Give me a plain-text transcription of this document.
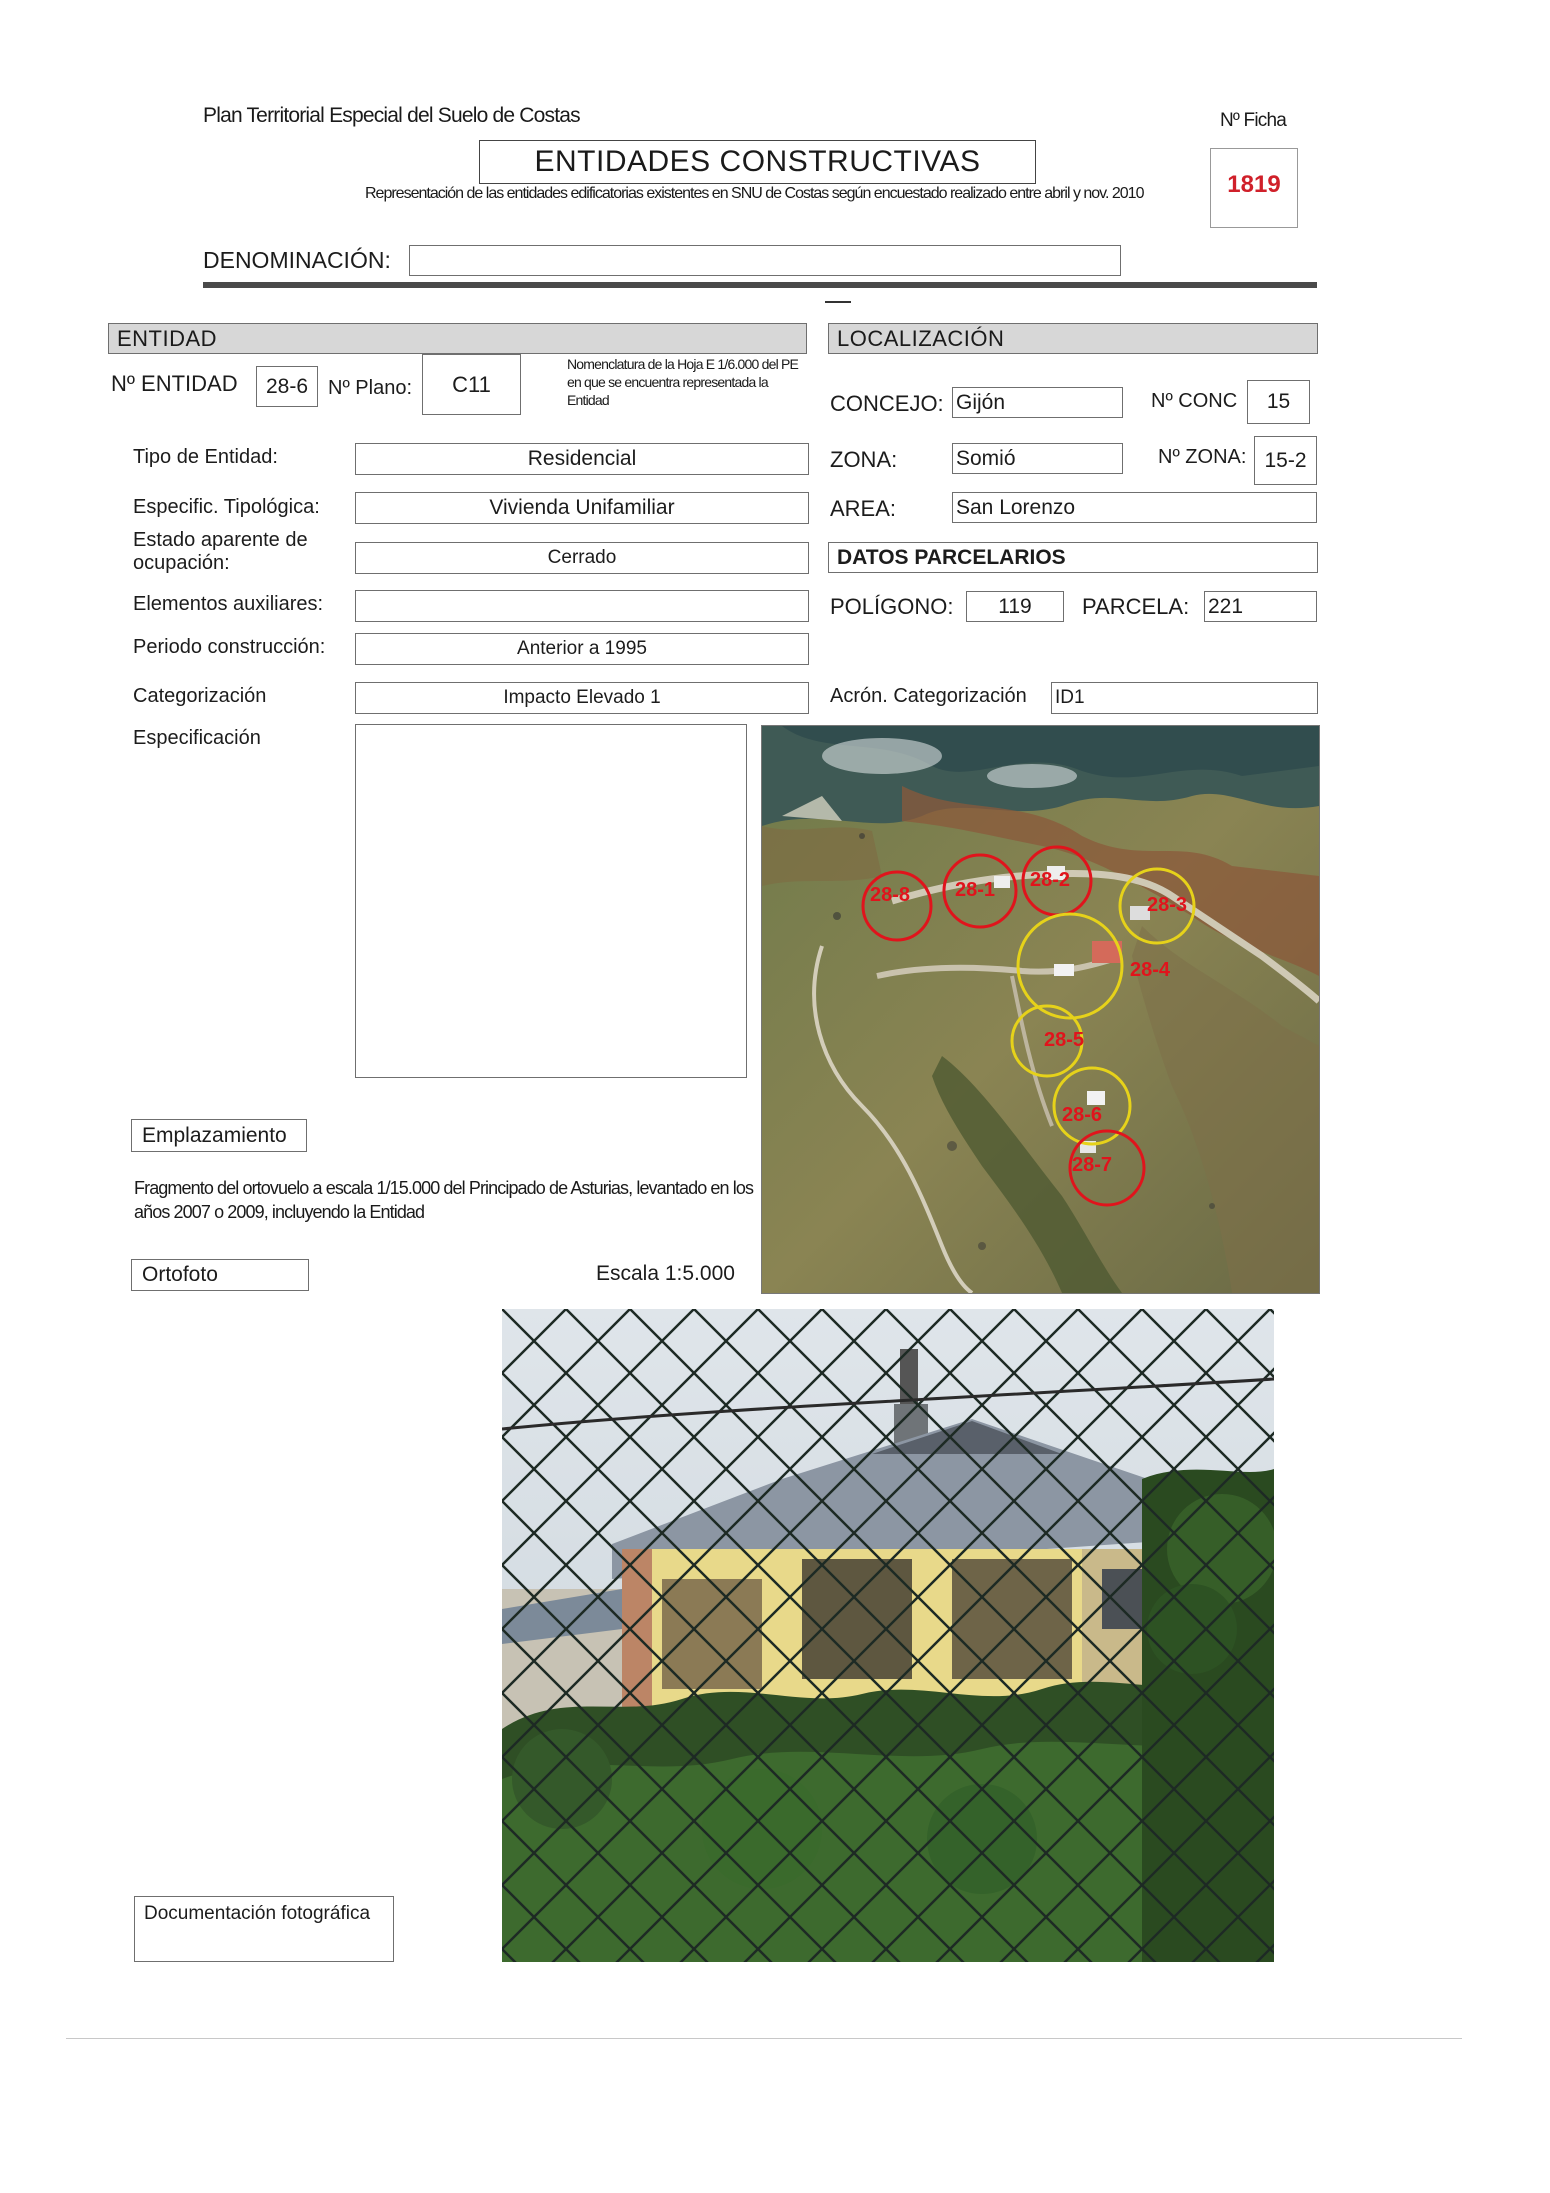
Plan Territorial Especial del Suelo de Costas	Nº Ficha
ENTIDADES CONSTRUCTIVAS
Representación de las entidades edificatorias existentes en SNU de Costas según encuestado realizado entre abril y nov. 2010	1819
DENOMINACIÓN:
ENTIDAD
Nº ENTIDAD	28-6 Nº Plano:	C11
Nomenclatura de la Hoja E 1/6.000 del PE en que se encuentra representada la Entidad
Tipo de Entidad:	Residencial
Especific. Tipológica:	Vivienda Unifamiliar
Estado aparente de ocupación:	Cerrado
Elementos auxiliares:
Periodo construcción:	Anterior a 1995
Categorización	Impacto Elevado 1
Especificación
LOCALIZACIÓN
CONCEJO: Gijón	Nº CONC	15
ZONA:	Somió	Nº ZONA: 15-2
AREA:	San Lorenzo
DATOS PARCELARIOS
POLÍGONO:	119	PARCELA: 221
Acrón. Categorización ID1
28-8 28-1 28-2
28-3
28-4
28-5
28-6
28-7
Emplazamiento
Fragmento del ortovuelo a escala 1/15.000 del Principado de Asturias, levantado en los años 2007 o 2009, incluyendo la Entidad
Ortofoto	Escala 1:5.000
Documentación fotográfica
